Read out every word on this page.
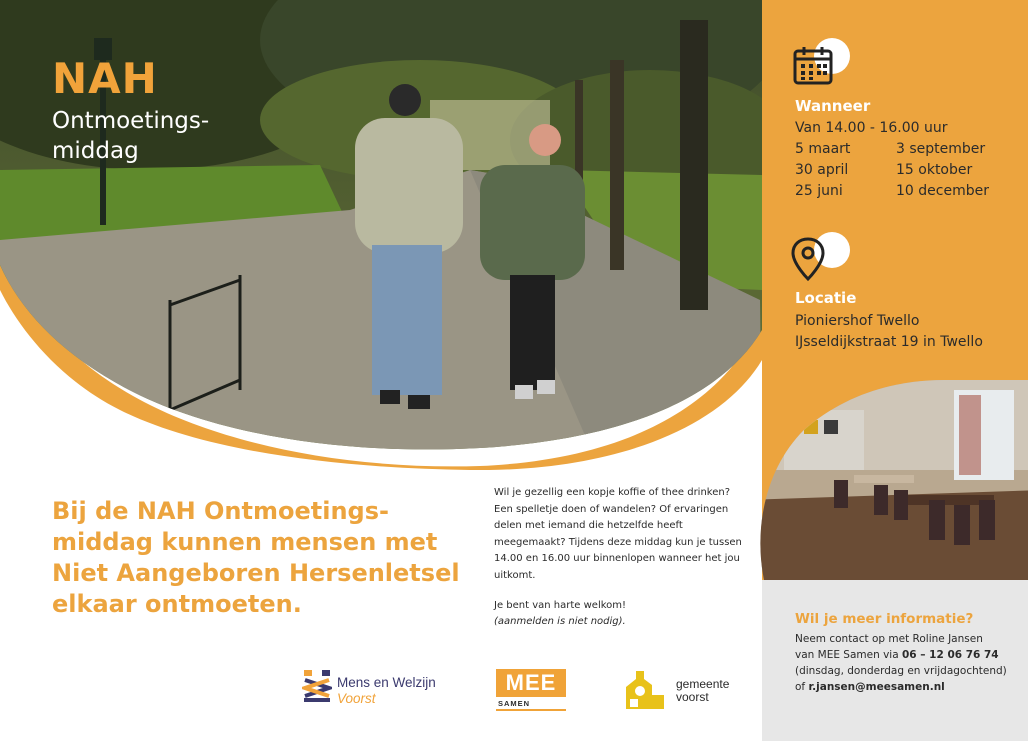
NAH
Ontmoetings-
middag
Wanneer
Van 14.00 - 16.00 uur
5 maart
30 april
25 juni
3 september
15 oktober
10 december
Locatie
Pioniershof Twello
IJsseldijkstraat 19 in Twello
Wil je meer informatie?
Neem contact op met Roline Jansen
van MEE Samen via 06 – 12 06 76 74
(dinsdag, donderdag en vrijdagochtend)
of r.jansen@meesamen.nl
Bij de NAH Ontmoetings-
middag kunnen mensen met
Niet Aangeboren Hersenletsel
elkaar ontmoeten.

Wil je gezellig een kopje koffie of thee drinken? Een spelletje doen of wandelen? Of ervaringen delen met iemand die hetzelfde heeft meegemaakt? Tijdens deze middag kun je tussen 14.00 en 16.00 uur binnenlopen wanneer het jou uitkomt.

Je bent van harte welkom!
(aanmelden is niet nodig).
Mens en Welzijn
Voorst
MEE
SAMEN
gemeente
voorst
